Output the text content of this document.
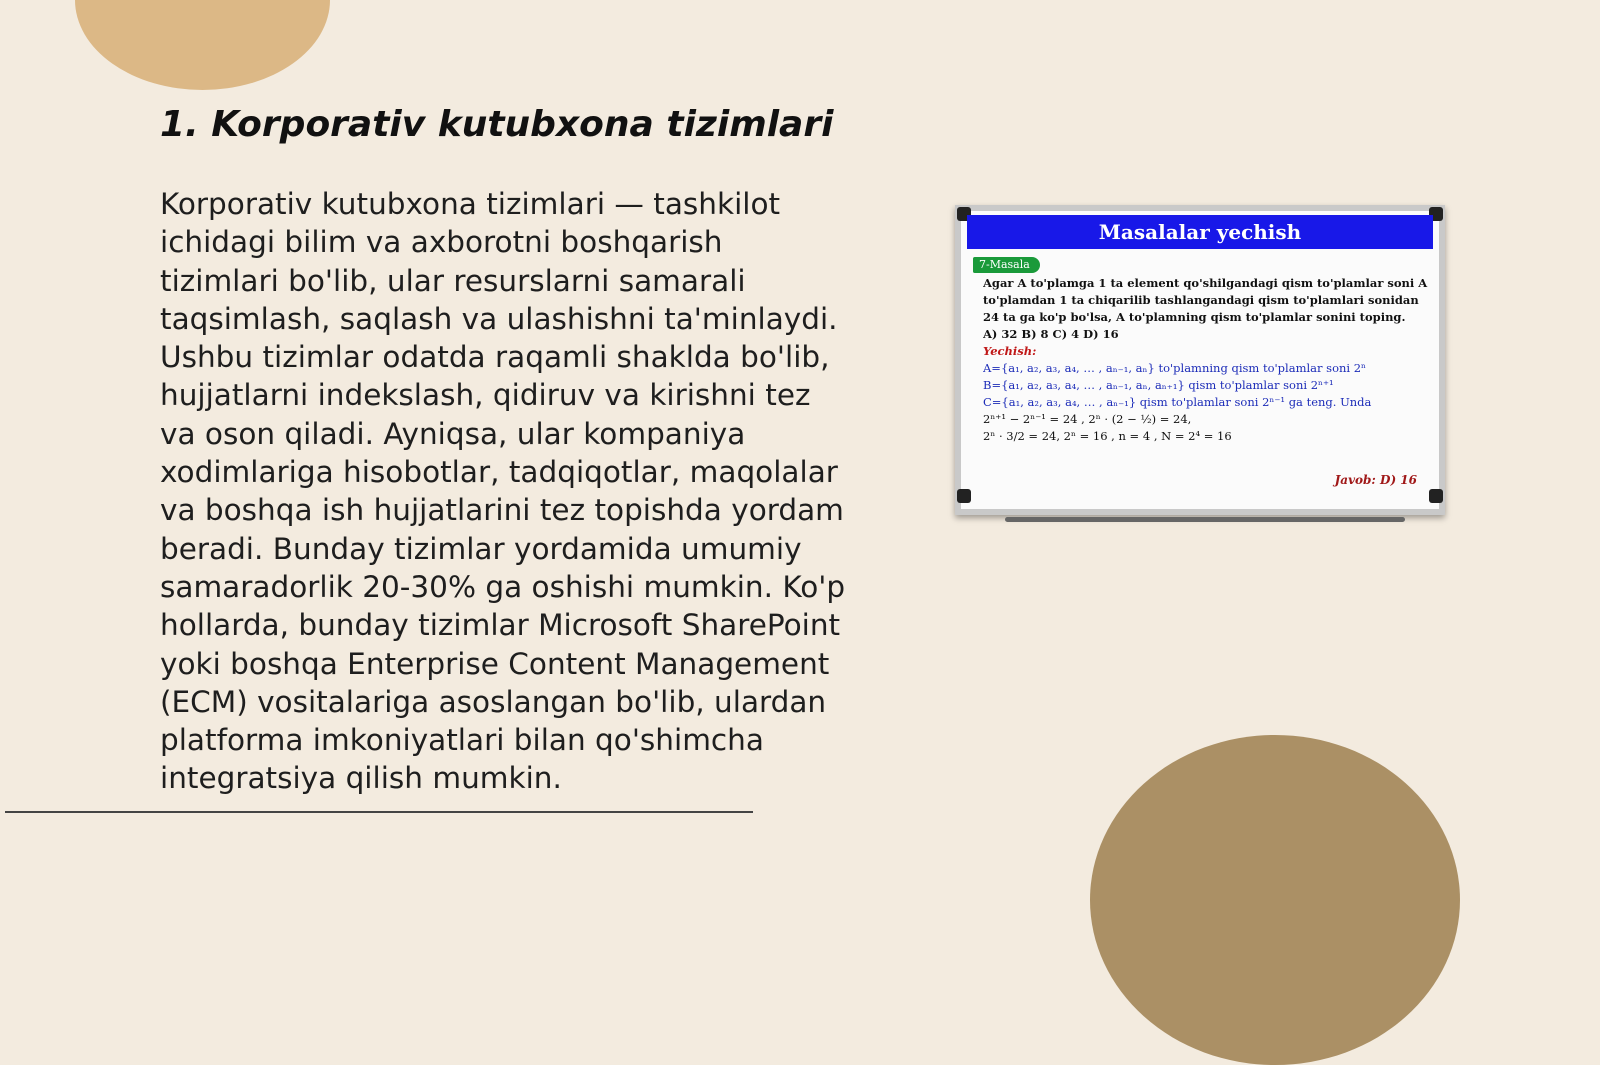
1. Korporativ kutubxona tizimlari

Korporativ kutubxona tizimlari — tashkilot ichidagi bilim va axborotni boshqarish tizimlari bo'lib, ular resurslarni samarali taqsimlash, saqlash va ulashishni ta'minlaydi. Ushbu tizimlar odatda raqamli shaklda bo'lib, hujjatlarni indekslash, qidiruv va kirishni tez va oson qiladi. Ayniqsa, ular kompaniya xodimlariga hisobotlar, tadqiqotlar, maqolalar va boshqa ish hujjatlarini tez topishda yordam beradi. Bunday tizimlar yordamida umumiy samaradorlik 20-30% ga oshishi mumkin. Ko'p hollarda, bunday tizimlar Microsoft SharePoint yoki boshqa Enterprise Content Management (ECM) vositalariga asoslangan bo'lib, ulardan platforma imkoniyatlari bilan qo'shimcha integratsiya qilish mumkin.

Masalalar yechish
7-Masala
Agar A to'plamga 1 ta element qo'shilgandagi qism to'plamlar soni A
to'plamdan 1 ta chiqarilib tashlangandagi qism to'plamlari sonidan
24 ta ga ko'p bo'lsa, A to'plamning qism to'plamlar sonini toping.
A) 32 B) 8 C) 4 D) 16
Yechish:
A={a₁, a₂, a₃, a₄, … , aₙ₋₁, aₙ} to'plamning qism to'plamlar soni 2ⁿ
B={a₁, a₂, a₃, a₄, … , aₙ₋₁, aₙ, aₙ₊₁} qism to'plamlar soni 2ⁿ⁺¹
C={a₁, a₂, a₃, a₄, … , aₙ₋₁} qism to'plamlar soni 2ⁿ⁻¹ ga teng. Unda
2ⁿ⁺¹ − 2ⁿ⁻¹ = 24 , 2ⁿ · (2 − ½) = 24,
2ⁿ · 3/2 = 24, 2ⁿ = 16 , n = 4 , N = 2⁴ = 16
Javob: D) 16
